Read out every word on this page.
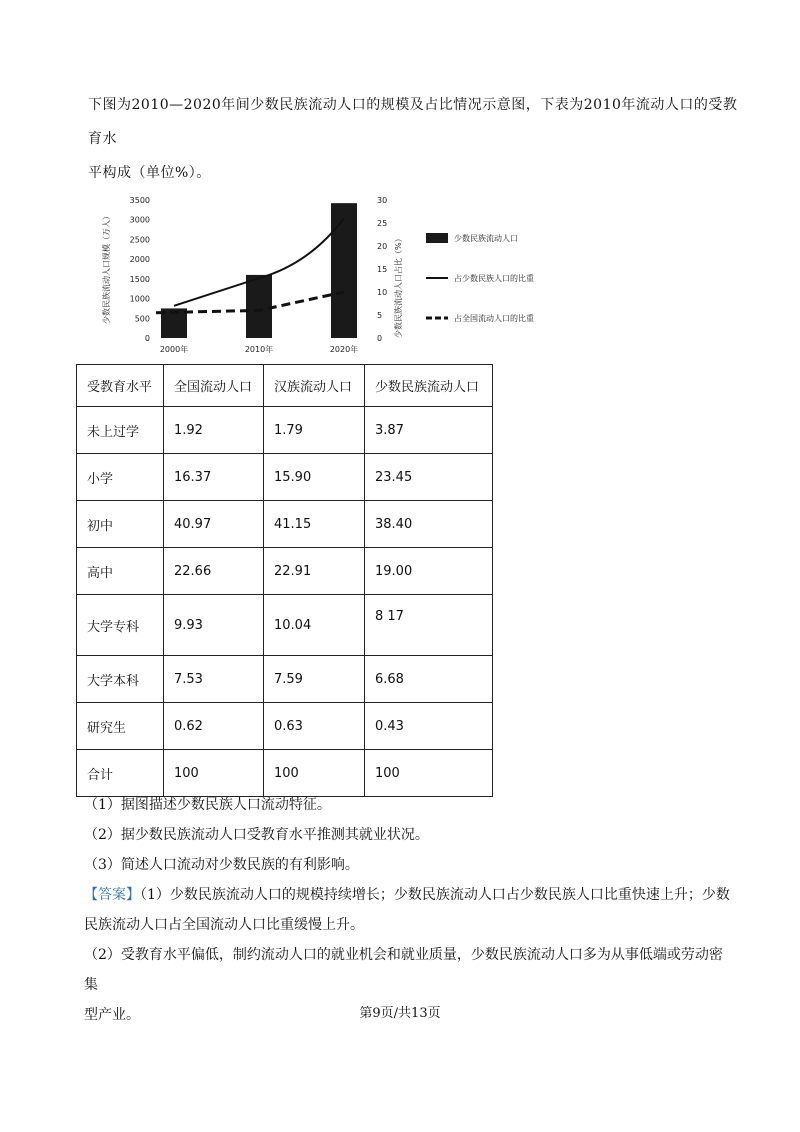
下图为2010—2020年间少数民族流动人口的规模及占比情况示意图，下表为2010年流动人口的受教育水
平构成（单位%）。
0
500
1000
1500
2000
2500
3000
3500
0
5
10
15
20
25
30
少数民族流动人口规模（万人）	少数民族流动人口占比（%）
2000年	2010年	2020年
少数民族流动人口
占少数民族人口的比重
占全国流动人口的比重
受教育水平	全国流动人口	汉族流动人口	少数民族流动人口
未上过学	1.92	1.79	3.87
小学	16.37	15.90	23.45
初中	40.97	41.15	38.40
高中	22.66	22.91	19.00
大学专科	9.93	10.04	8 17
大学本科	7.53	7.59	6.68
研究生	0.62	0.63	0.43
合计	100	100	100

（1）据图描述少数民族人口流动特征。

（2）据少数民族流动人口受教育水平推测其就业状况。

（3）简述人口流动对少数民族的有利影响。

【答案】（1）少数民族流动人口的规模持续增长；少数民族流动人口占少数民族人口比重快速上升；少数

民族流动人口占全国流动人口比重缓慢上升。

（2）受教育水平偏低，制约流动人口的就业机会和就业质量，少数民族流动人口多为从事低端或劳动密集

型产业。	第9页/共13页
